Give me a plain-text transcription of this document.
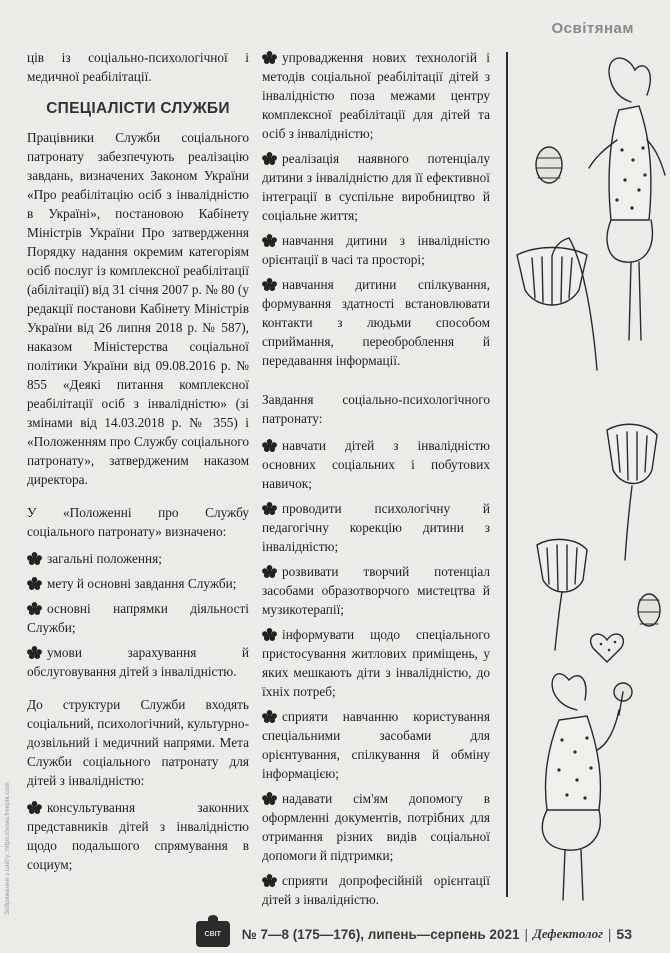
Освітянам

ців із соціально-психологічної і медичної реабілітації.

СПЕЦІАЛІСТИ СЛУЖБИ

Працівники Служби соціального патронату забезпечують реалізацію завдань, визначених Законом України «Про реабілітацію осіб з інвалідністю в Україні», постановою Кабінету Міністрів України Про затвердження Порядку надання окремим категоріям осіб послуг із комплексної реабілітації (абілітації) від 31 січня 2007 р. № 80 (у редакції постанови Кабінету Міністрів України від 26 липня 2018 р. № 587), наказом Міністерства соціальної політики України від 09.08.2016 р. № 855 «Деякі питання комплексної реабілітації осіб з інвалідністю» (зі змінами від 14.03.2018 р. № 355) і «Положенням про Службу соціального патронату», затвердженим наказом директора.

У «Положенні про Службу соціального патронату» визначено:

загальні положення;
мету й основні завдання Служби;
основні напрямки діяльності Служби;
умови зарахування й обслуговування дітей з інвалідністю.

До структури Служби входять соціальний, психологічний, культурно-дозвільний і медичний напрями. Мета Служби соціального патронату для дітей з інвалідністю:

консультування законних представників дітей з інвалідністю щодо подальшого спрямування в социум;
упровадження нових технологій і методів соціальної реабілітації дітей з інвалідністю поза межами центру комплексної реабілітації для дітей та осіб з інвалідністю;
реалізація наявного потенціалу дитини з інвалідністю для її ефективної інтеграції в суспільне виробництво й соціальне життя;
навчання дитини з інвалідністю орієнтації в часі та просторі;
навчання дитини спілкування, формування здатності встановлювати контакти з людьми способом сприймання, переоброблення й передавання інформації.

Завдання соціально-психологічного патронату:

навчати дітей з інвалідністю основних соціальних і побутових навичок;
проводити психологічну й педагогічну корекцію дитини з інвалідністю;
розвивати творчий потенціал засобами образотворчого мистецтва й музикотерапії;
інформувати щодо спеціального пристосування житлових приміщень, у яких мешкають діти з інвалідністю, до їхніх потреб;
сприяти навчанню користування спеціальними засобами для орієнтування, спілкування й обміну інформацією;
надавати сім'ям допомогу в оформленні документів, потрібних для отримання різних видів соціальної допомоги й підтримки;
сприяти допрофесійній орієнтації дітей з інвалідністю.
Зображення з сайту: https://www.freepik.com
СВІТ № 7—8 (175—176), липень—серпень 2021 | Дефектолог | 53
